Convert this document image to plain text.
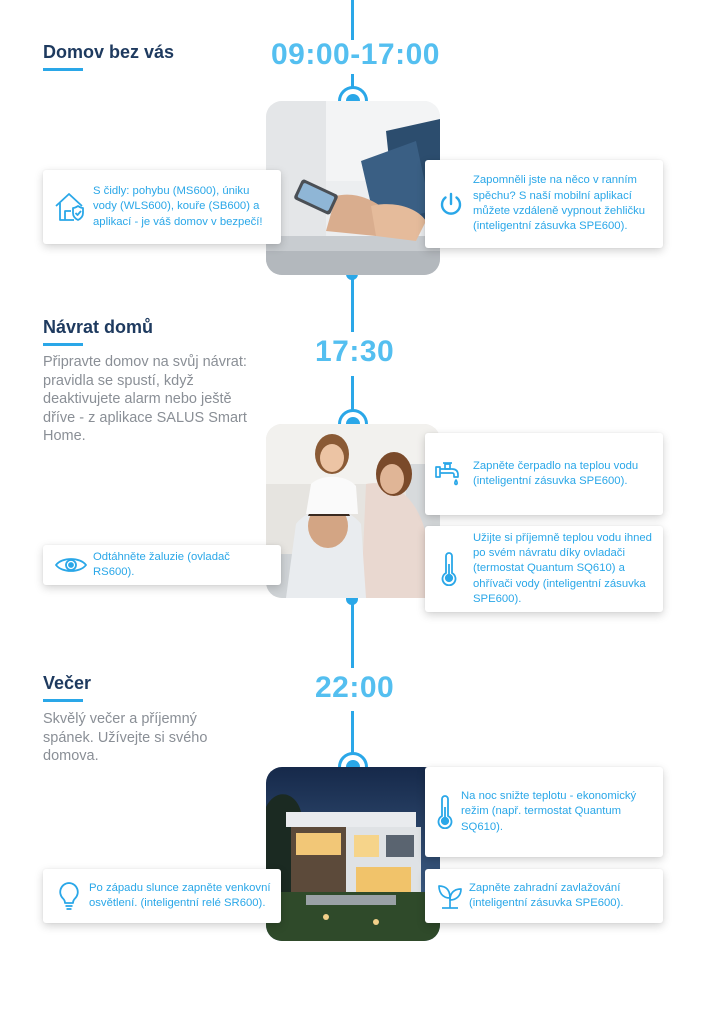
Domov bez vás	09:00-17:00
S čidly: pohybu (MS600), úniku vody (WLS600), kouře (SB600) a aplikací - je váš domov v bezpečí!
Zapomněli jste na něco v ranním spěchu? S naší mobilní aplikací můžete vzdáleně vypnout žehličku (inteligentní zásuvka SPE600).
Návrat domů
Připravte domov na svůj návrat: pravidla se spustí, když deaktivujete alarm nebo ještě dříve - z aplikace SALUS Smart Home.
17:30
Zapněte čerpadlo na teplou vodu (inteligentní zásuvka SPE600).
Užijte si příjemně teplou vodu ihned po svém návratu díky ovladači (termostat Quantum SQ610) a ohřívači vody (inteligentní zásuvka SPE600).
Odtáhněte žaluzie (ovladač RS600).
Večer
Skvělý večer a příjemný spánek. Užívejte si svého domova.
22:00
Na noc snižte teplotu - ekonomický režim (např. termostat Quantum SQ610).
Po západu slunce zapněte venkovní osvětlení. (inteligentní relé SR600).
Zapněte zahradní zavlažování (inteligentní zásuvka SPE600).
